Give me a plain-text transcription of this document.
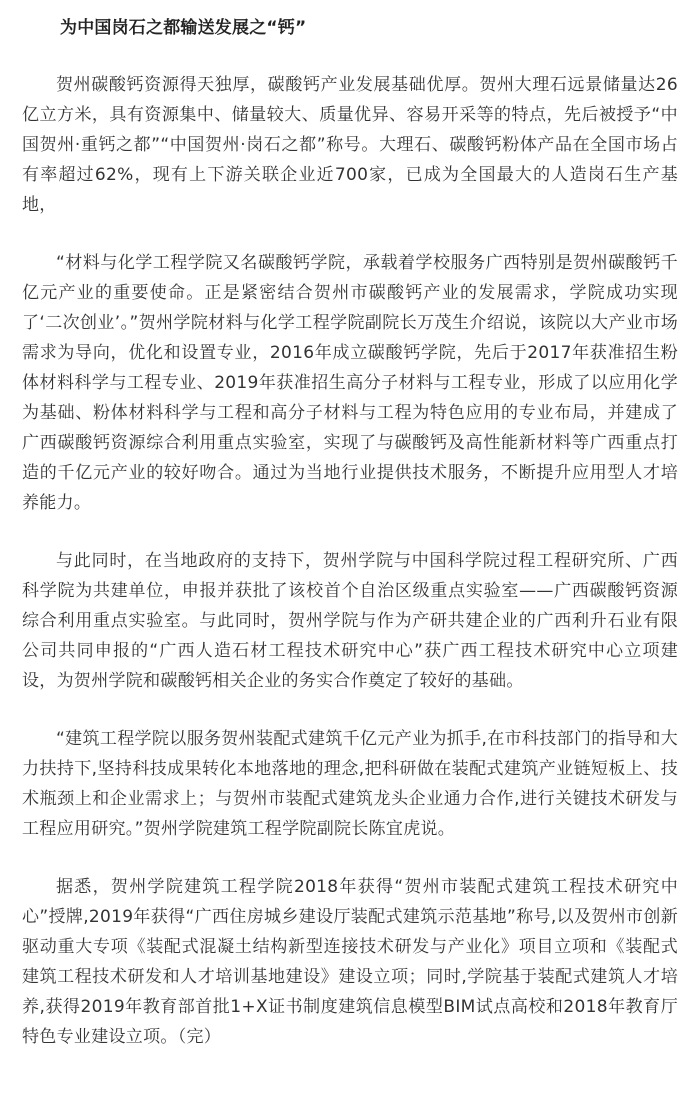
为中国岗石之都输送发展之“钙”

贺州碳酸钙资源得天独厚，碳酸钙产业发展基础优厚。贺州大理石远景储量达26亿立方米，具有资源集中、储量较大、质量优异、容易开采等的特点，先后被授予“中国贺州·重钙之都”“中国贺州·岗石之都”称号。大理石、碳酸钙粉体产品在全国市场占有率超过62%，现有上下游关联企业近700家，已成为全国最大的人造岗石生产基地，

“材料与化学工程学院又名碳酸钙学院，承载着学校服务广西特别是贺州碳酸钙千亿元产业的重要使命。正是紧密结合贺州市碳酸钙产业的发展需求，学院成功实现了‘二次创业’。”贺州学院材料与化学工程学院副院长万茂生介绍说，该院以大产业市场需求为导向，优化和设置专业，2016年成立碳酸钙学院，先后于2017年获准招生粉体材料科学与工程专业、2019年获准招生高分子材料与工程专业，形成了以应用化学为基础、粉体材料科学与工程和高分子材料与工程为特色应用的专业布局，并建成了广西碳酸钙资源综合利用重点实验室，实现了与碳酸钙及高性能新材料等广西重点打造的千亿元产业的较好吻合。通过为当地行业提供技术服务，不断提升应用型人才培养能力。

与此同时，在当地政府的支持下，贺州学院与中国科学院过程工程研究所、广西科学院为共建单位，申报并获批了该校首个自治区级重点实验室——广西碳酸钙资源综合利用重点实验室。与此同时，贺州学院与作为产研共建企业的广西利升石业有限公司共同申报的“广西人造石材工程技术研究中心”获广西工程技术研究中心立项建设，为贺州学院和碳酸钙相关企业的务实合作奠定了较好的基础。

“建筑工程学院以服务贺州装配式建筑千亿元产业为抓手,在市科技部门的指导和大力扶持下,坚持科技成果转化本地落地的理念,把科研做在装配式建筑产业链短板上、技术瓶颈上和企业需求上；与贺州市装配式建筑龙头企业通力合作,进行关键技术研发与工程应用研究。”贺州学院建筑工程学院副院长陈宜虎说。

据悉，贺州学院建筑工程学院2018年获得“贺州市装配式建筑工程技术研究中心”授牌,2019年获得“广西住房城乡建设厅装配式建筑示范基地”称号,以及贺州市创新驱动重大专项《装配式混凝土结构新型连接技术研发与产业化》项目立项和《装配式建筑工程技术研发和人才培训基地建设》建设立项；同时,学院基于装配式建筑人才培养,获得2019年教育部首批1+X证书制度建筑信息模型BIM试点高校和2018年教育厅特色专业建设立项。（完）
